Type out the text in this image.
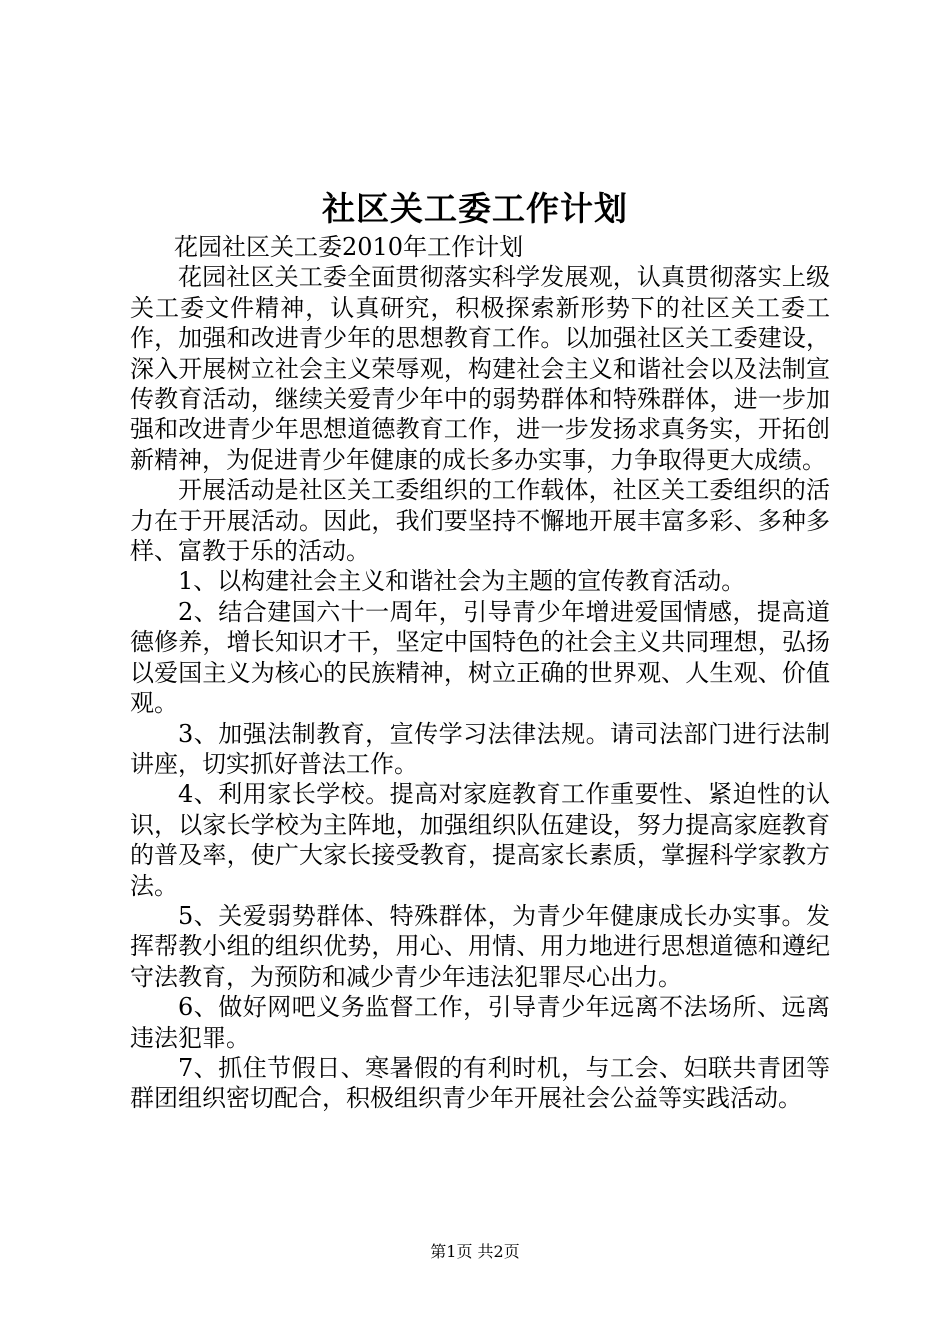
社区关工委工作计划

花园社区关工委2010年工作计划

花园社区关工委全面贯彻落实科学发展观，认真贯彻落实上级关工委文件精神，认真研究，积极探索新形势下的社区关工委工作，加强和改进青少年的思想教育工作。以加强社区关工委建设，深入开展树立社会主义荣辱观，构建社会主义和谐社会以及法制宣传教育活动，继续关爱青少年中的弱势群体和特殊群体，进一步加强和改进青少年思想道德教育工作，进一步发扬求真务实，开拓创新精神，为促进青少年健康的成长多办实事，力争取得更大成绩。

开展活动是社区关工委组织的工作载体，社区关工委组织的活力在于开展活动。因此，我们要坚持不懈地开展丰富多彩、多种多样、富教于乐的活动。

1、以构建社会主义和谐社会为主题的宣传教育活动。

2、结合建国六十一周年，引导青少年增进爱国情感，提高道德修养，增长知识才干，坚定中国特色的社会主义共同理想，弘扬以爱国主义为核心的民族精神，树立正确的世界观、人生观、价值观。

3、加强法制教育，宣传学习法律法规。请司法部门进行法制讲座，切实抓好普法工作。

4、利用家长学校。提高对家庭教育工作重要性、紧迫性的认识，以家长学校为主阵地，加强组织队伍建设，努力提高家庭教育的普及率，使广大家长接受教育，提高家长素质，掌握科学家教方法。

5、关爱弱势群体、特殊群体，为青少年健康成长办实事。发挥帮教小组的组织优势，用心、用情、用力地进行思想道德和遵纪守法教育，为预防和减少青少年违法犯罪尽心出力。

6、做好网吧义务监督工作，引导青少年远离不法场所、远离违法犯罪。

7、抓住节假日、寒暑假的有利时机，与工会、妇联共青团等群团组织密切配合，积极组织青少年开展社会公益等实践活动。

第1页 共2页
